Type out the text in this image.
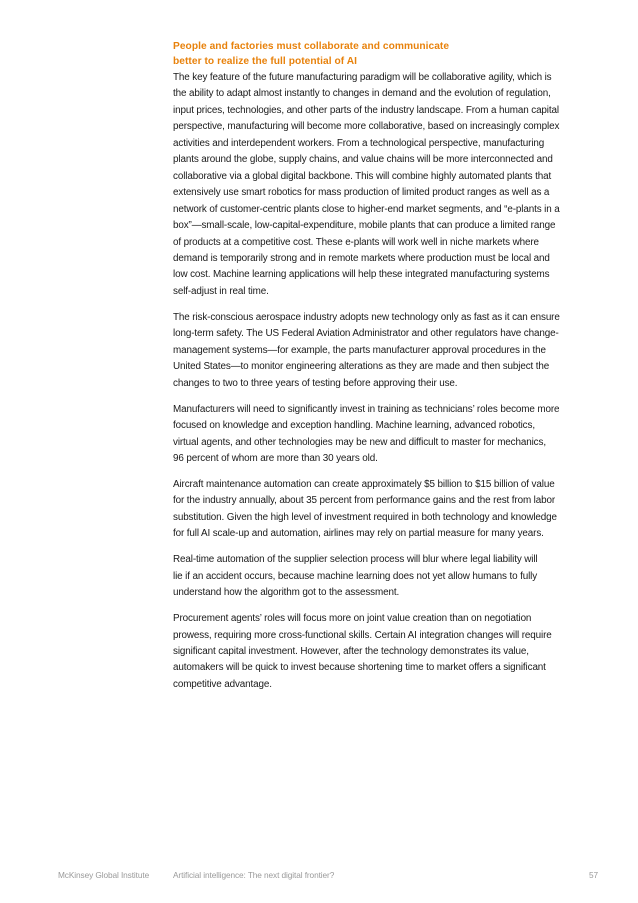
People and factories must collaborate and communicate
better to realize the full potential of AI

The key feature of the future manufacturing paradigm will be collaborative agility, which is
the ability to adapt almost instantly to changes in demand and the evolution of regulation,
input prices, technologies, and other parts of the industry landscape. From a human capital
perspective, manufacturing will become more collaborative, based on increasingly complex
activities and interdependent workers. From a technological perspective, manufacturing
plants around the globe, supply chains, and value chains will be more interconnected and
collaborative via a global digital backbone. This will combine highly automated plants that
extensively use smart robotics for mass production of limited product ranges as well as a
network of customer-centric plants close to higher-end market segments, and “e-plants in a
box”—small-scale, low-capital-expenditure, mobile plants that can produce a limited range
of products at a competitive cost. These e-plants will work well in niche markets where
demand is temporarily strong and in remote markets where production must be local and
low cost. Machine learning applications will help these integrated manufacturing systems
self-adjust in real time.

The risk-conscious aerospace industry adopts new technology only as fast as it can ensure
long-term safety. The US Federal Aviation Administrator and other regulators have change-
management systems—for example, the parts manufacturer approval procedures in the
United States—to monitor engineering alterations as they are made and then subject the
changes to two to three years of testing before approving their use.

Manufacturers will need to significantly invest in training as technicians’ roles become more
focused on knowledge and exception handling. Machine learning, advanced robotics,
virtual agents, and other technologies may be new and difficult to master for mechanics,
96 percent of whom are more than 30 years old.

Aircraft maintenance automation can create approximately $5 billion to $15 billion of value
for the industry annually, about 35 percent from performance gains and the rest from labor
substitution. Given the high level of investment required in both technology and knowledge
for full AI scale-up and automation, airlines may rely on partial measure for many years.

Real-time automation of the supplier selection process will blur where legal liability will
lie if an accident occurs, because machine learning does not yet allow humans to fully
understand how the algorithm got to the assessment.

Procurement agents’ roles will focus more on joint value creation than on negotiation
prowess, requiring more cross-functional skills. Certain AI integration changes will require
significant capital investment. However, after the technology demonstrates its value,
automakers will be quick to invest because shortening time to market offers a significant
competitive advantage.

McKinsey Global Institute	Artificial intelligence: The next digital frontier?	57
